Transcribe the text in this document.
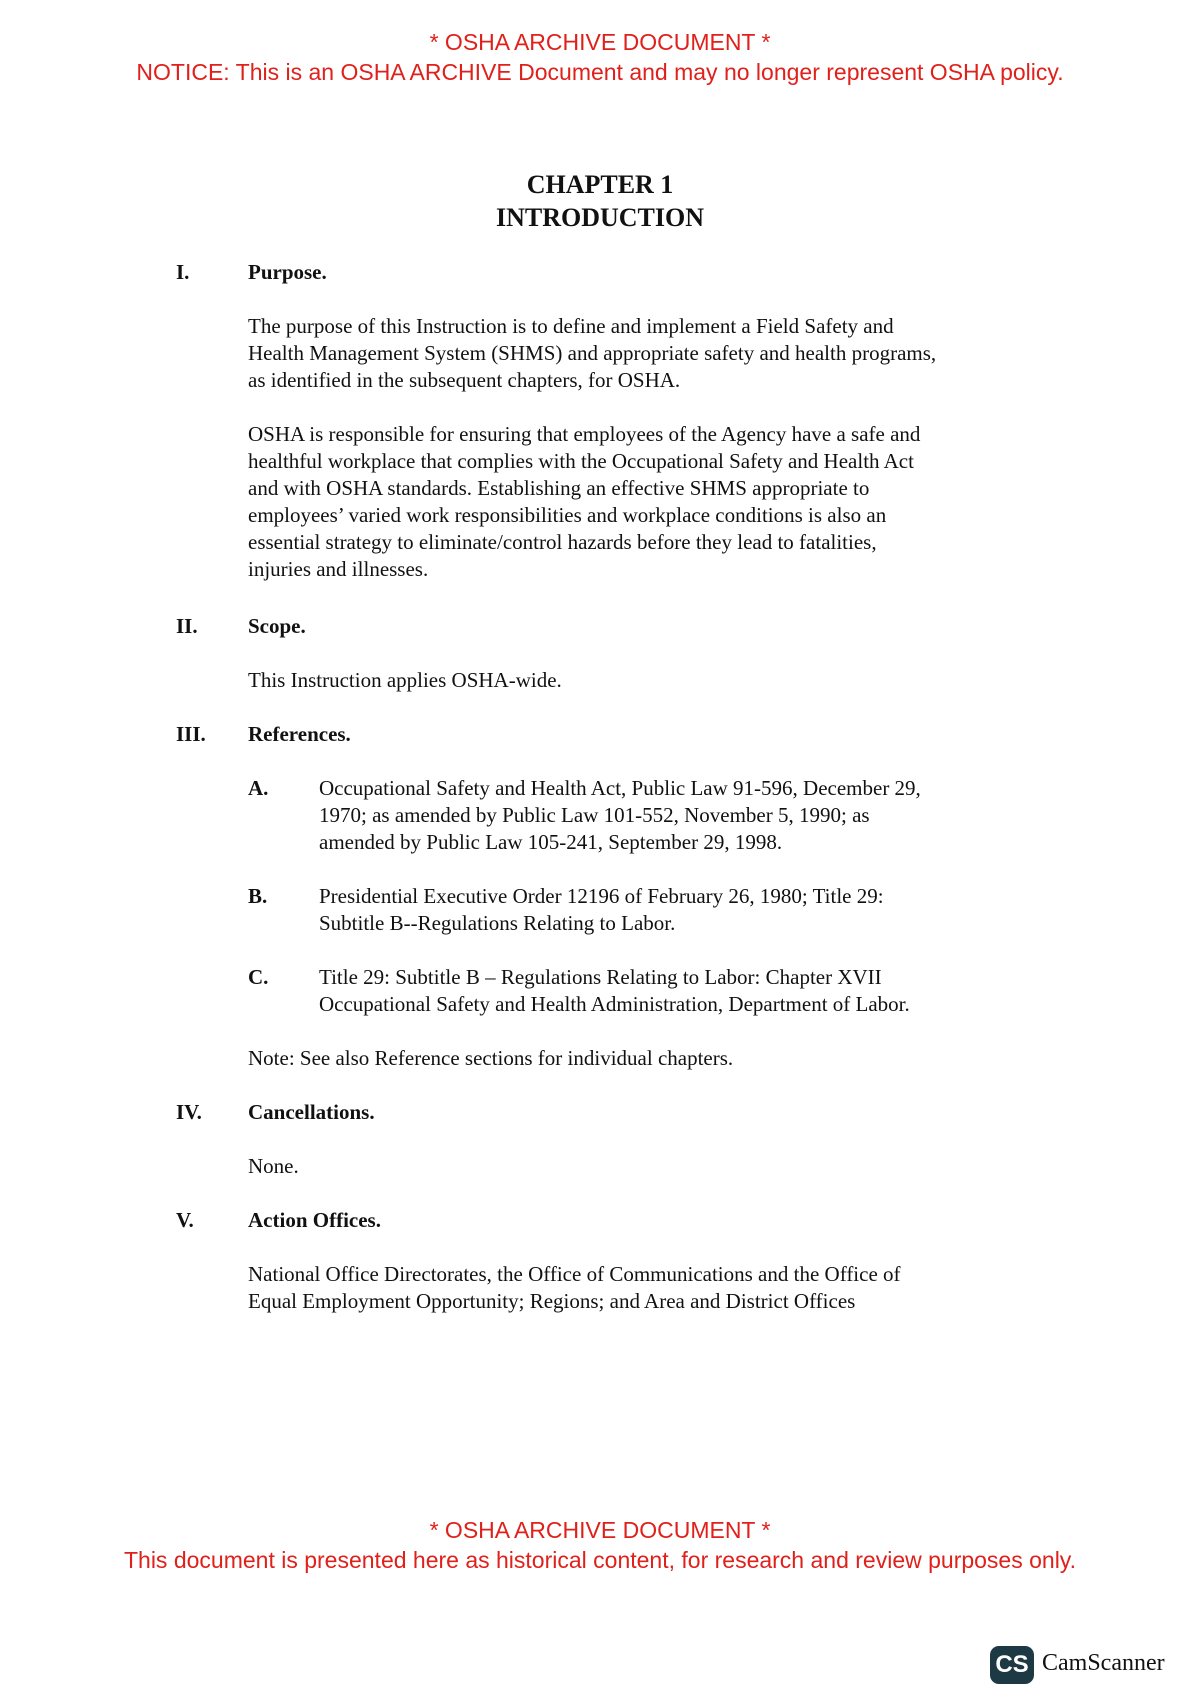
* OSHA ARCHIVE DOCUMENT *
NOTICE: This is an OSHA ARCHIVE Document and may no longer represent OSHA policy.
CHAPTER 1
INTRODUCTION
I.	Purpose.
The purpose of this Instruction is to define and implement a Field Safety and
Health Management System (SHMS) and appropriate safety and health programs,
as identified in the subsequent chapters, for OSHA.
OSHA is responsible for ensuring that employees of the Agency have a safe and
healthful workplace that complies with the Occupational Safety and Health Act
and with OSHA standards. Establishing an effective SHMS appropriate to
employees’ varied work responsibilities and workplace conditions is also an
essential strategy to eliminate/control hazards before they lead to fatalities,
injuries and illnesses.
II. Scope.
This Instruction applies OSHA-wide.
III. References.
A. Occupational Safety and Health Act, Public Law 91-596, December 29,
1970; as amended by Public Law 101-552, November 5, 1990; as
amended by Public Law 105-241, September 29, 1998.
B. Presidential Executive Order 12196 of February 26, 1980; Title 29:
Subtitle B--Regulations Relating to Labor.
C. Title 29: Subtitle B – Regulations Relating to Labor: Chapter XVII
Occupational Safety and Health Administration, Department of Labor.
Note: See also Reference sections for individual chapters.
IV. Cancellations.
None.
V.	Action Offices.
National Office Directorates, the Office of Communications and the Office of
Equal Employment Opportunity; Regions; and Area and District Offices
* OSHA ARCHIVE DOCUMENT *
This document is presented here as historical content, for research and review purposes only.
CS CamScanner
